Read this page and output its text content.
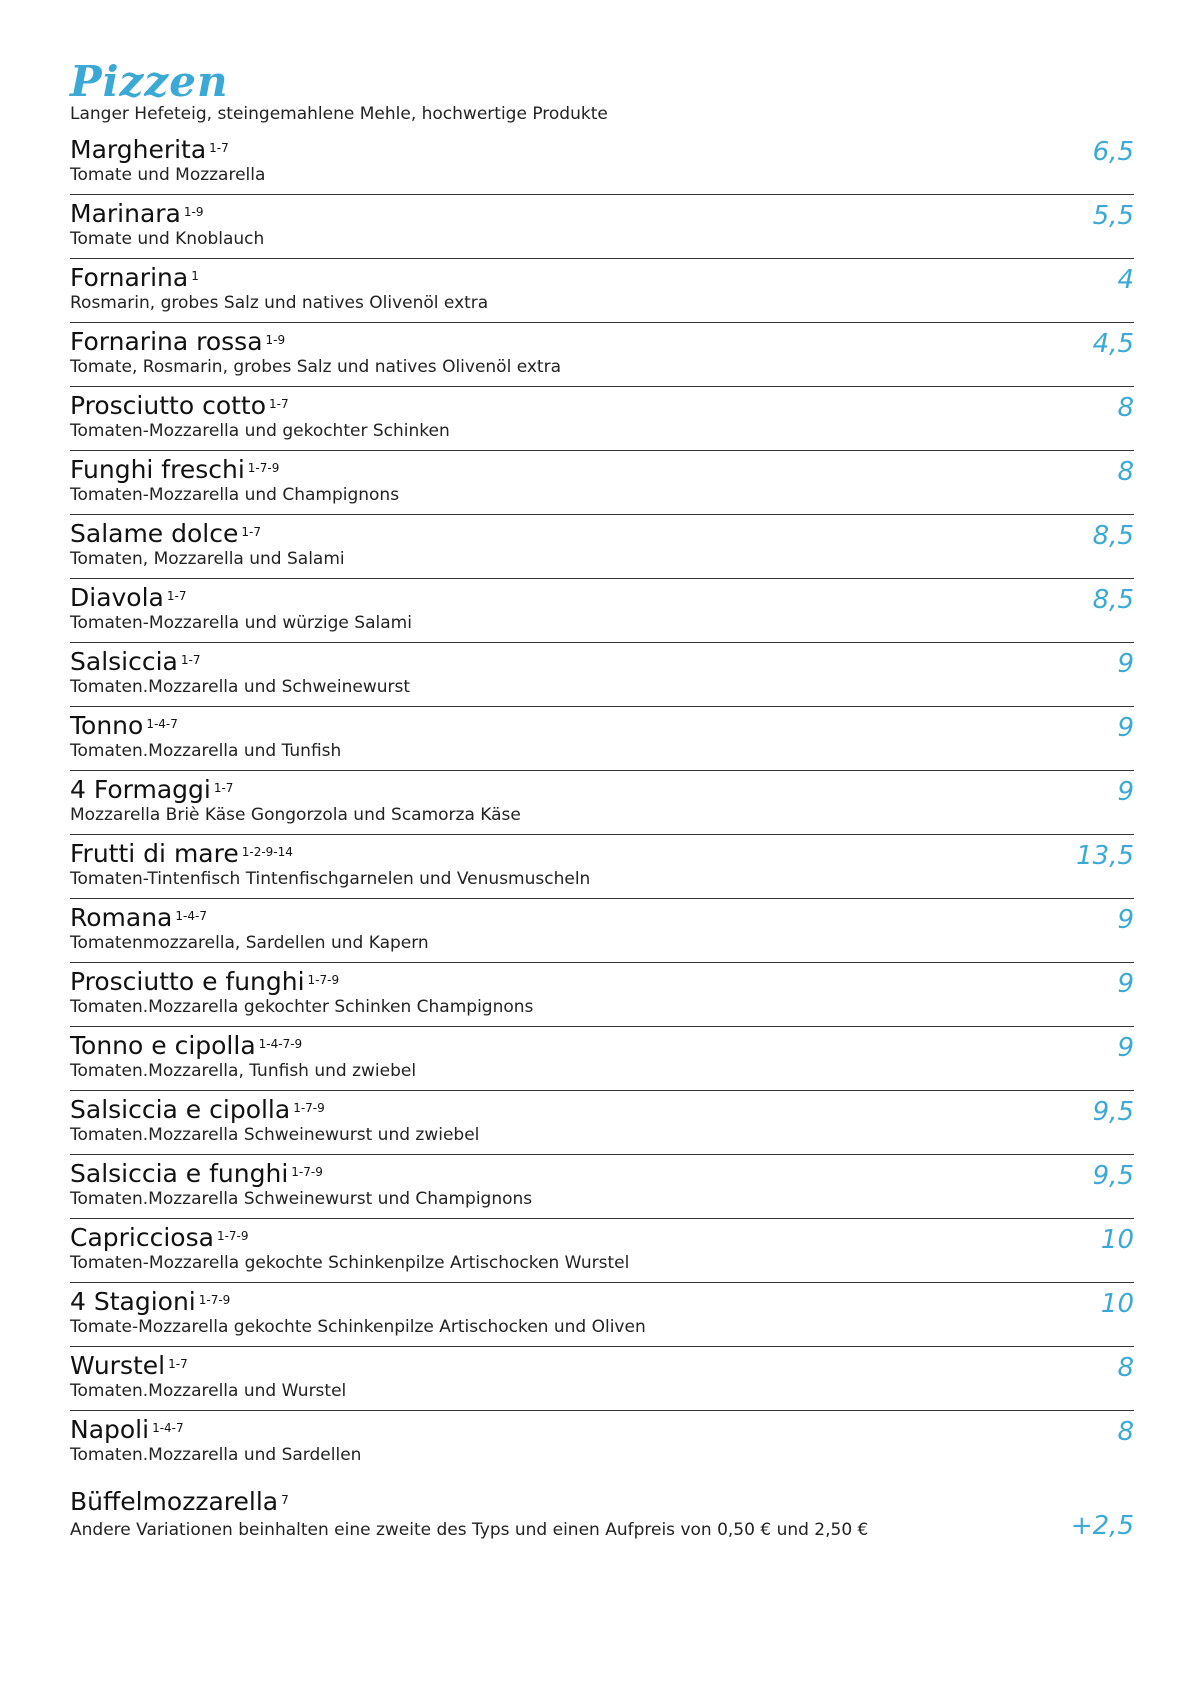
Pizzen
Langer Hefeteig, steingemahlene Mehle, hochwertige Produkte
Margherita $^{1-7}$
Tomate und Mozzarella
6,5
Marinara $^{1-9}$
Tomate und Knoblauch
5,5
Fornarina $^1$
Rosmarin, grobes Salz und natives Olivenöl extra
4
Fornarina rossa $^{1-9}$
Tomate, Rosmarin, grobes Salz und natives Olivenöl extra
4,5
Prosciutto cotto $^{1-7}$
Tomaten-Mozzarella und gekochter Schinken
8
Funghi freschi $^{1-7-9}$
Tomaten-Mozzarella und Champignons
8
Salame dolce $^{1-7}$
Tomaten, Mozzarella und Salami
8,5
Diavola $^{1-7}$
Tomaten-Mozzarella und würzige Salami
8,5
Salsiccia $^{1-7}$
Tomaten.Mozzarella und Schweinewurst
9
Tonno $^{1-4-7}$
Tomaten.Mozzarella und Tunfish
9
4 Formaggi $^{1-7}$
Mozzarella Briè Käse Gongorzola und Scamorza Käse
9
Frutti di mare $^{1-2-9-14}$
Tomaten-Tintenfisch Tintenfischgarnelen und Venusmuscheln
13,5
Romana $^{1-4-7}$
Tomatenmozzarella, Sardellen und Kapern
9
Prosciutto e funghi $^{1-7-9}$
Tomaten.Mozzarella gekochter Schinken Champignons
9
Tonno e cipolla $^{1-4-7-9}$
Tomaten.Mozzarella, Tunfish und zwiebel
9
Salsiccia e cipolla $^{1-7-9}$
Tomaten.Mozzarella Schweinewurst und zwiebel
9,5
Salsiccia e funghi $^{1-7-9}$
Tomaten.Mozzarella Schweinewurst und Champignons
9,5
Capricciosa $^{1-7-9}$
Tomaten-Mozzarella gekochte Schinkenpilze Artischocken Wurstel
10
4 Stagioni $^{1-7-9}$
Tomate-Mozzarella gekochte Schinkenpilze Artischocken und Oliven
10
Wurstel $^{1-7}$
Tomaten.Mozzarella und Wurstel
8
Napoli $^{1-4-7}$
Tomaten.Mozzarella und Sardellen
8
Büffelmozzarella $^7$
Andere Variationen beinhalten eine zweite des Typs und einen Aufpreis von 0,50 € und 2,50 €	+2,5
